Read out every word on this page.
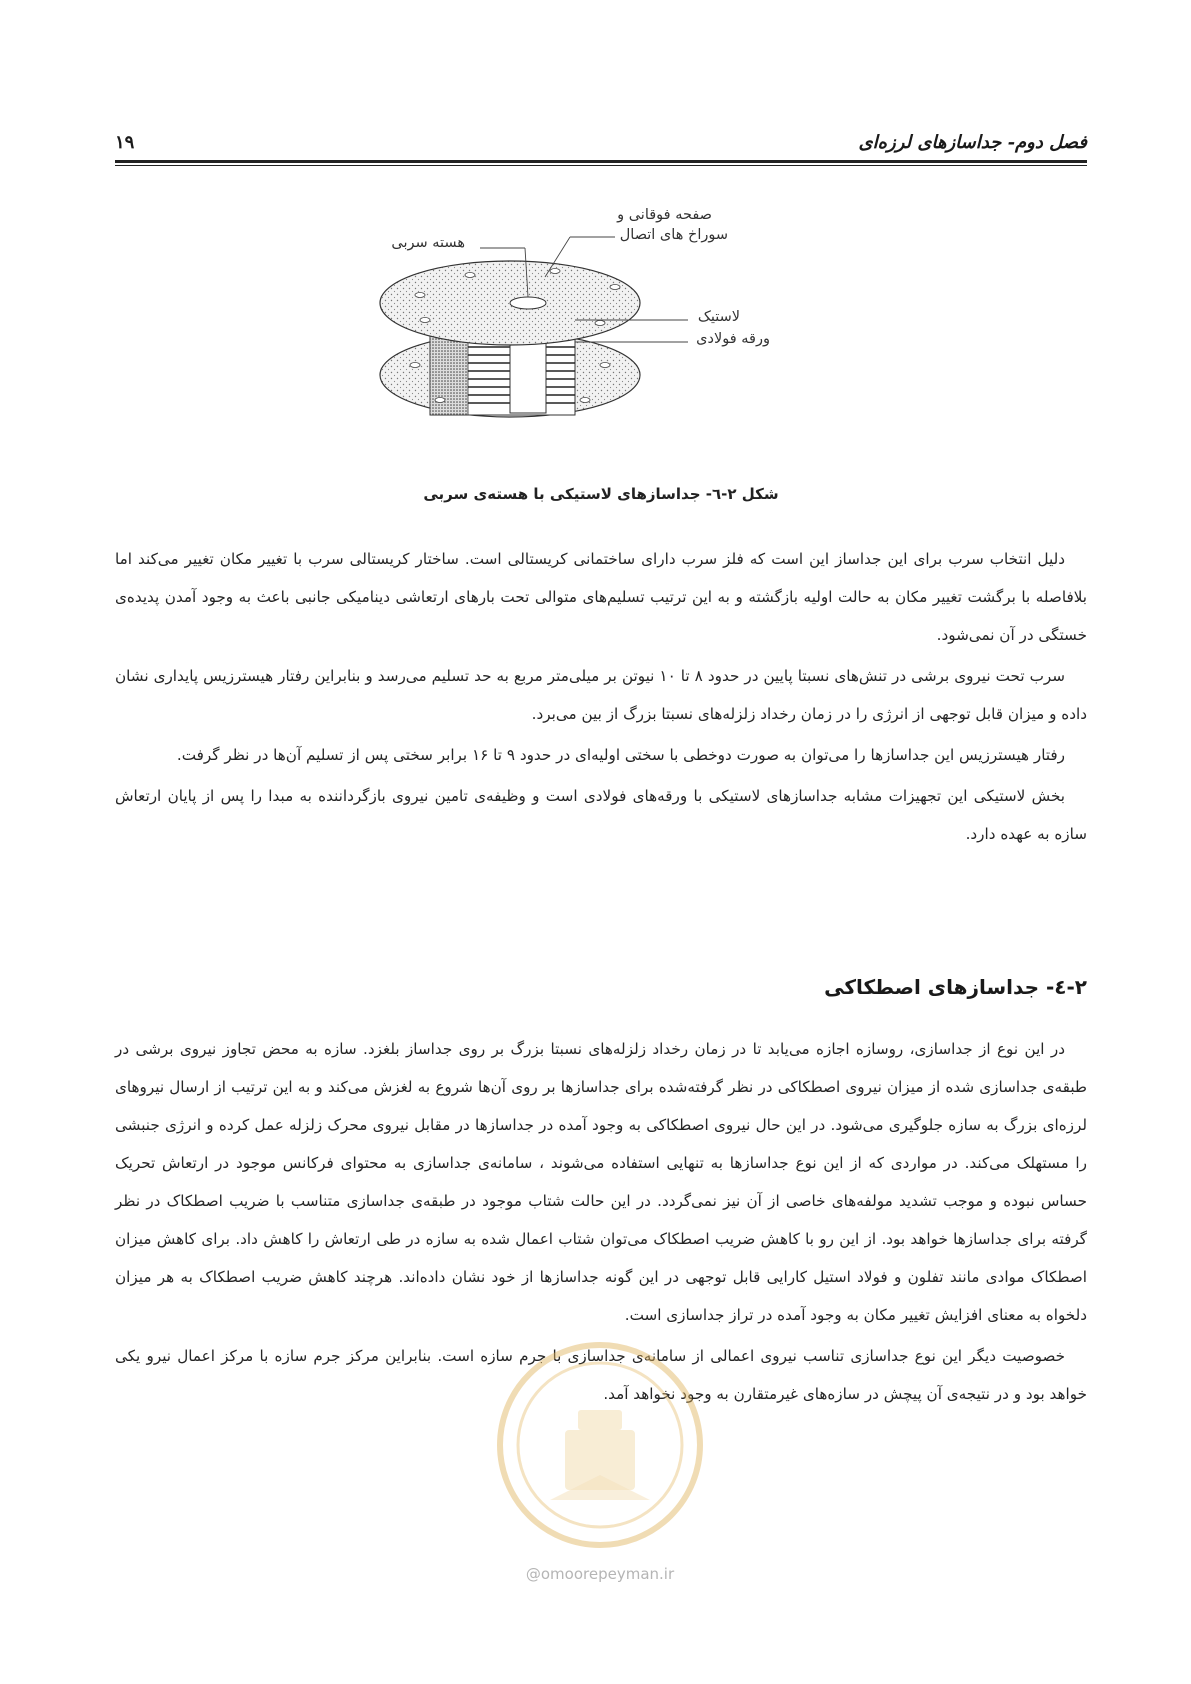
فصل دوم- جداسازهای لرزه‌ای
۱۹
صفحه فوقانی و
سوراخ های اتصال
هسته سربی
لاستیک
ورقه فولادی
شکل ۲-٦- جداسازهای لاستیکی با هسته‌ی سربی

دلیل انتخاب سرب برای این جداساز این است که فلز سرب دارای ساختمانی کریستالی است. ساختار کریستالی سرب با تغییر مکان تغییر می‌کند اما بلافاصله با برگشت تغییر مکان به حالت اولیه بازگشته و به این ترتیب تسلیم‌های متوالی تحت بارهای ارتعاشی دینامیکی جانبی باعث به وجود آمدن پدیده‌ی خستگی در آن نمی‌شود.

سرب تحت نیروی برشی در تنش‌های نسبتا پایین در حدود ۸ تا ۱۰ نیوتن بر میلی‌متر مربع به حد تسلیم می‌رسد و بنابراین رفتار هیسترزیس پایداری نشان داده و میزان قابل توجهی از انرژی را در زمان رخداد زلزله‌های نسبتا بزرگ از بین می‌برد.

رفتار هیسترزیس این جداسازها را می‌توان به صورت دوخطی با سختی اولیه‌ای در حدود ۹ تا ۱۶ برابر سختی پس از تسلیم آن‌ها در نظر گرفت.

بخش لاستیکی این تجهیزات مشابه جداسازهای لاستیکی با ورقه‌های فولادی است و وظیفه‌ی تامین نیروی بازگرداننده به مبدا را پس از پایان ارتعاش سازه به عهده دارد.

۲-٤- جداسازهای اصطکاکی

در این نوع از جداسازی، روسازه اجازه می‌یابد تا در زمان رخداد زلزله‌های نسبتا بزرگ بر روی جداساز بلغزد. سازه به محض تجاوز نیروی برشی در طبقه‌ی جداسازی شده از میزان نیروی اصطکاکی در نظر گرفته‌شده برای جداسازها بر روی آن‌ها شروع به لغزش می‌کند و به این ترتیب از ارسال نیروهای لرزه‌ای بزرگ به سازه جلوگیری می‌شود. در این حال نیروی اصطکاکی به وجود آمده در جداسازها در مقابل نیروی محرک زلزله عمل کرده و انرژی جنبشی را مستهلک می‌کند. در مواردی که از این نوع جداسازها به تنهایی استفاده می‌شوند ، سامانه‌ی جداسازی به محتوای فرکانس موجود در ارتعاش تحریک حساس نبوده و موجب تشدید مولفه‌های خاصی از آن نیز نمی‌گردد. در این حالت شتاب موجود در طبقه‌ی جداسازی متناسب با ضریب اصطکاک در نظر گرفته برای جداسازها خواهد بود. از این رو با کاهش ضریب اصطکاک می‌توان شتاب اعمال شده به سازه در طی ارتعاش را کاهش داد. برای کاهش میزان اصطکاک موادی مانند تفلون و فولاد استیل کارایی قابل توجهی در این گونه جداسازها از خود نشان داده‌اند. هرچند کاهش ضریب اصطکاک به هر میزان دلخواه به معنای افزایش تغییر مکان به وجود آمده در تراز جداسازی است.

خصوصیت دیگر این نوع جداسازی تناسب نیروی اعمالی از سامانه‌ی جداسازی با جرم سازه است. بنابراین مرکز جرم سازه با مرکز اعمال نیرو یکی خواهد بود و در نتیجه‌ی آن پیچش در سازه‌های غیرمتقارن به وجود نخواهد آمد.

@omoorepeyman.ir
